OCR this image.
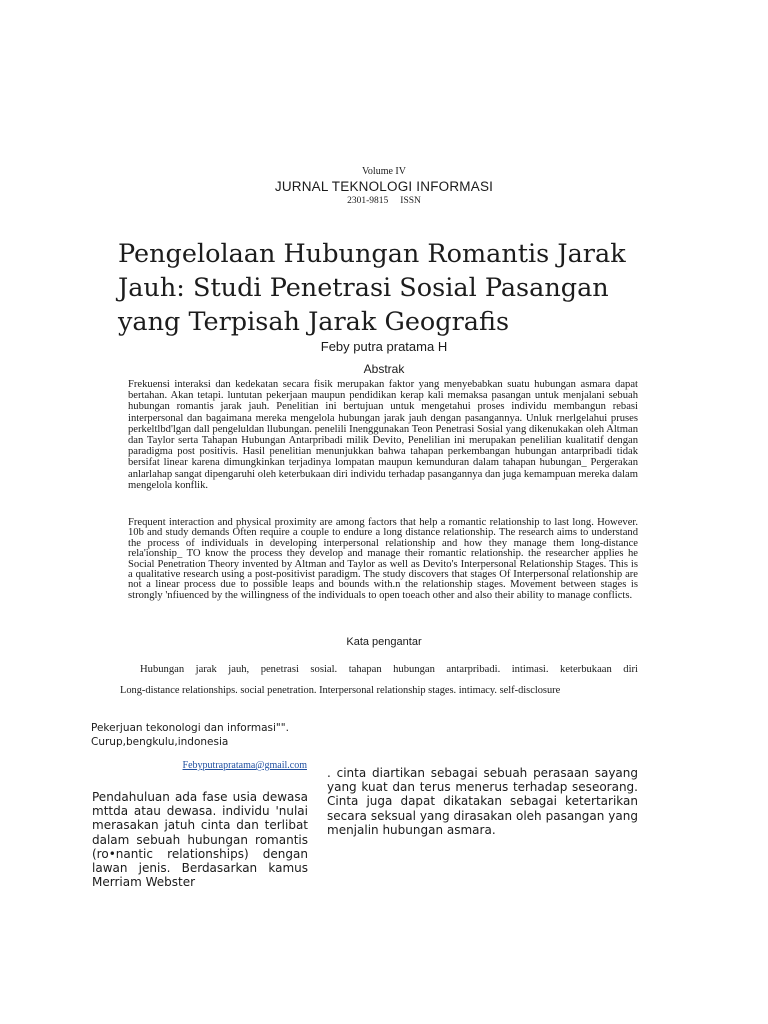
Volume IV
JURNAL TEKNOLOGI INFORMASI
2301-9815 ISSN
Pengelolaan Hubungan Romantis Jarak Jauh: Studi Penetrasi Sosial Pasangan yang Terpisah Jarak Geografis
Feby putra pratama H
Abstrak
Frekuensi interaksi dan kedekatan secara fisik merupakan faktor yang menyebabkan suatu hubungan asmara dapat bertahan. Akan tetapi. luntutan pekerjaan maupun pendidikan kerap kali memaksa pasangan untuk menjalani sebuah hubungan romantis jarak jauh. Penelitian ini bertujuan untuk mengetahui proses individu membangun rebasi interpersonal dan bagaimana mereka mengelola hubungan jarak jauh dengan pasangannya. Unluk rnerlgelahui pruses perkeltlbd'lgan dall pengeluldan llubungan. penelili Inenggunakan Teon Penetrasi Sosial yang dikenukakan oleh Altman dan Taylor serta Tahapan Hubungan Antarpribadi milik Devito, Penelilian ini merupakan penelilian kualitatif dengan paradigma post positivis. Hasil penelitian menunjukkan bahwa tahapan perkembangan hubungan antarpribadi tidak bersifat linear karena dimungkinkan terjadinya lompatan maupun kemunduran dalam tahapan hubungan_ Pergerakan anlarlahap sangat dipengaruhi oleh keterbukaan diri individu terhadap pasangannya dan juga kemampuan mereka dalam mengelola konflik.
Frequent interaction and physical proximity are among factors that help a romantic relationship to last long. However. 10b and study demands Often require a couple to endure a long distance relationship. The research aims to understand the process of individuals in developing interpersonal relationship and how they manage them long-distance rela'ionship_ TO know the process they develop and manage their romantic relationship. the researcher applies he Social Penetration Theory invented by Altman and Taylor as well as Devito's Interpersonal Relationship Stages. This is a qualitative research using a post-positivist paradigm. The study discovers that stages Of Interpersonal relationship are not a linear process due to possible leaps and bounds with.n the relationship stages. Movement between stages is strongly 'nfiuenced by the willingness of the individuals to open toeach other and also their ability to manage conflicts.
Kata pengantar
Hubungan jarak jauh, penetrasi sosial. tahapan hubungan antarpribadi. intimasi. keterbukaan diri
Long-distance relationships. social penetration. Interpersonal relationship stages. intimacy. self-disclosure
Pekerjuan tekonologi dan informasi"".
Curup,bengkulu,indonesia
Febyputrapratama@gmail.com
Pendahuluan ada fase usia dewasa mttda atau dewasa. individu 'nulai merasakan jatuh cinta dan terlibat dalam sebuah hubungan romantis (ro•nantic relationships) dengan lawan jenis. Berdasarkan kamus Merriam Webster
. cinta diartikan sebagai sebuah perasaan sayang yang kuat dan terus menerus terhadap seseorang. Cinta juga dapat dikatakan sebagai ketertarikan secara seksual yang dirasakan oleh pasangan yang menjalin hubungan asmara.
